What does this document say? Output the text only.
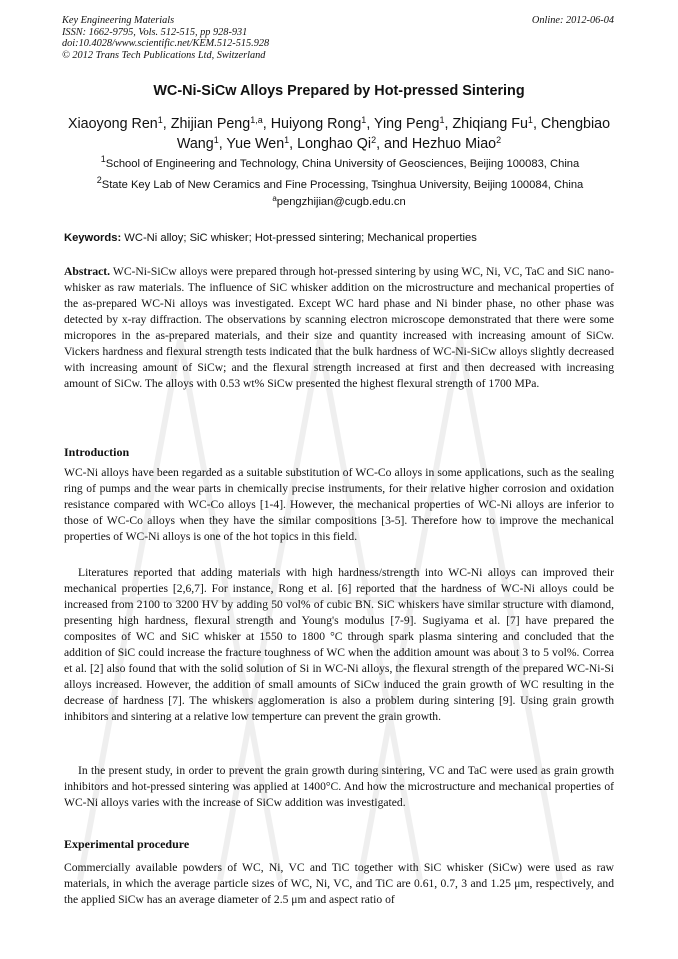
Key Engineering Materials
ISSN: 1662-9795, Vols. 512-515, pp 928-931
doi:10.4028/www.scientific.net/KEM.512-515.928
© 2012 Trans Tech Publications Ltd, Switzerland
Online: 2012-06-04
WC-Ni-SiCw Alloys Prepared by Hot-pressed Sintering
Xiaoyong Ren$^1$, Zhijian Peng$^{1,a}$, Huiyong Rong$^1$, Ying Peng$^1$, Zhiqiang Fu$^1$, Chengbiao Wang$^1$, Yue Wen$^1$, Longhao Qi$^2$, and Hezhuo Miao$^2$
$^1$School of Engineering and Technology, China University of Geosciences, Beijing 100083, China
$^2$State Key Lab of New Ceramics and Fine Processing, Tsinghua University, Beijing 100084, China
$^a$pengzhijian@cugb.edu.cn
Keywords: WC-Ni alloy; SiC whisker; Hot-pressed sintering; Mechanical properties
Abstract. WC-Ni-SiCw alloys were prepared through hot-pressed sintering by using WC, Ni, VC, TaC and SiC nano-whisker as raw materials. The influence of SiC whisker addition on the microstructure and mechanical properties of the as-prepared WC-Ni alloys was investigated. Except WC hard phase and Ni binder phase, no other phase was detected by x-ray diffraction. The observations by scanning electron microscope demonstrated that there were some micropores in the as-prepared materials, and their size and quantity increased with increasing amount of SiCw. Vickers hardness and flexural strength tests indicated that the bulk hardness of WC-Ni-SiCw alloys slightly decreased with increasing amount of SiCw; and the flexural strength increased at first and then decreased with increasing amount of SiCw. The alloys with 0.53 wt% SiCw presented the highest flexural strength of 1700 MPa.
Introduction
WC-Ni alloys have been regarded as a suitable substitution of WC-Co alloys in some applications, such as the sealing ring of pumps and the wear parts in chemically precise instruments, for their relative higher corrosion and oxidation resistance compared with WC-Co alloys [1-4]. However, the mechanical properties of WC-Ni alloys are inferior to those of WC-Co alloys when they have the similar compositions [3-5]. Therefore how to improve the mechanical properties of WC-Ni alloys is one of the hot topics in this field.
Literatures reported that adding materials with high hardness/strength into WC-Ni alloys can improved their mechanical properties [2,6,7]. For instance, Rong et al. [6] reported that the hardness of WC-Ni alloys could be increased from 2100 to 3200 HV by adding 50 vol% of cubic BN. SiC whiskers have similar structure with diamond, presenting high hardness, flexural strength and Young's modulus [7-9]. Sugiyama et al. [7] have prepared the composites of WC and SiC whisker at 1550 to 1800 °C through spark plasma sintering and concluded that the addition of SiC could increase the fracture toughness of WC when the addition amount was about 3 to 5 vol%. Correa et al. [2] also found that with the solid solution of Si in WC-Ni alloys, the flexural strength of the prepared WC-Ni-Si alloys increased. However, the addition of small amounts of SiCw induced the grain growth of WC resulting in the decrease of hardness [7]. The whiskers agglomeration is also a problem during sintering [9]. Using grain growth inhibitors and sintering at a relative low temperture can prevent the grain growth.
In the present study, in order to prevent the grain growth during sintering, VC and TaC were used as grain growth inhibitors and hot-pressed sintering was applied at 1400°C. And how the microstructure and mechanical properties of WC-Ni alloys varies with the increase of SiCw addition was investigated.
Experimental procedure
Commercially available powders of WC, Ni, VC and TiC together with SiC whisker (SiCw) were used as raw materials, in which the average particle sizes of WC, Ni, VC, and TiC are 0.61, 0.7, 3 and 1.25 μm, respectively, and the applied SiCw has an average diameter of 2.5 μm and aspect ratio of
